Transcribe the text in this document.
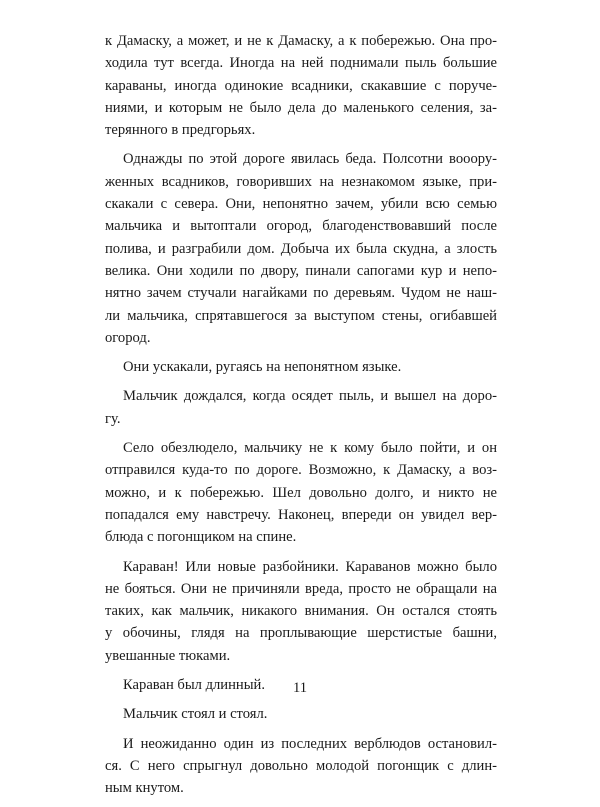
к Дамаску, а может, и не к Дамаску, а к побережью. Она про-
ходила тут всегда. Иногда на ней поднимали пыль большие
караваны, иногда одинокие всадники, скакавшие с поруче-
ниями, и которым не было дела до маленького селения, за-
терянного в предгорьях.

Однажды по этой дороге явилась беда. Полсотни вооору-
женных всадников, говоривших на незнакомом языке, при-
скакали с севера. Они, непонятно зачем, убили всю семью
мальчика и вытоптали огород, благоденствовавший после
полива, и разграбили дом. Добыча их была скудна, а злость
велика. Они ходили по двору, пинали сапогами кур и непо-
нятно зачем стучали нагайками по деревьям. Чудом не наш-
ли мальчика, спрятавшегося за выступом стены, огибавшей
огород.

Они ускакали, ругаясь на непонятном языке.

Мальчик дождался, когда осядет пыль, и вышел на доро-
гу.

Село обезлюдело, мальчику не к кому было пойти, и он
отправился куда-то по дороге. Возможно, к Дамаску, а воз-
можно, и к побережью. Шел довольно долго, и никто не
попадался ему навстречу. Наконец, впереди он увидел вер-
блюда с погонщиком на спине.

Караван! Или новые разбойники. Караванов можно было
не бояться. Они не причиняли вреда, просто не обращали на
таких, как мальчик, никакого внимания. Он остался стоять
у обочины, глядя на проплывающие шерстистые башни,
увешанные тюками.

Караван был длинный.

Мальчик стоял и стоял.

И неожиданно один из последних верблюдов остановил-
ся. С него спрыгнул довольно молодой погонщик с длин-
ным кнутом.

11
